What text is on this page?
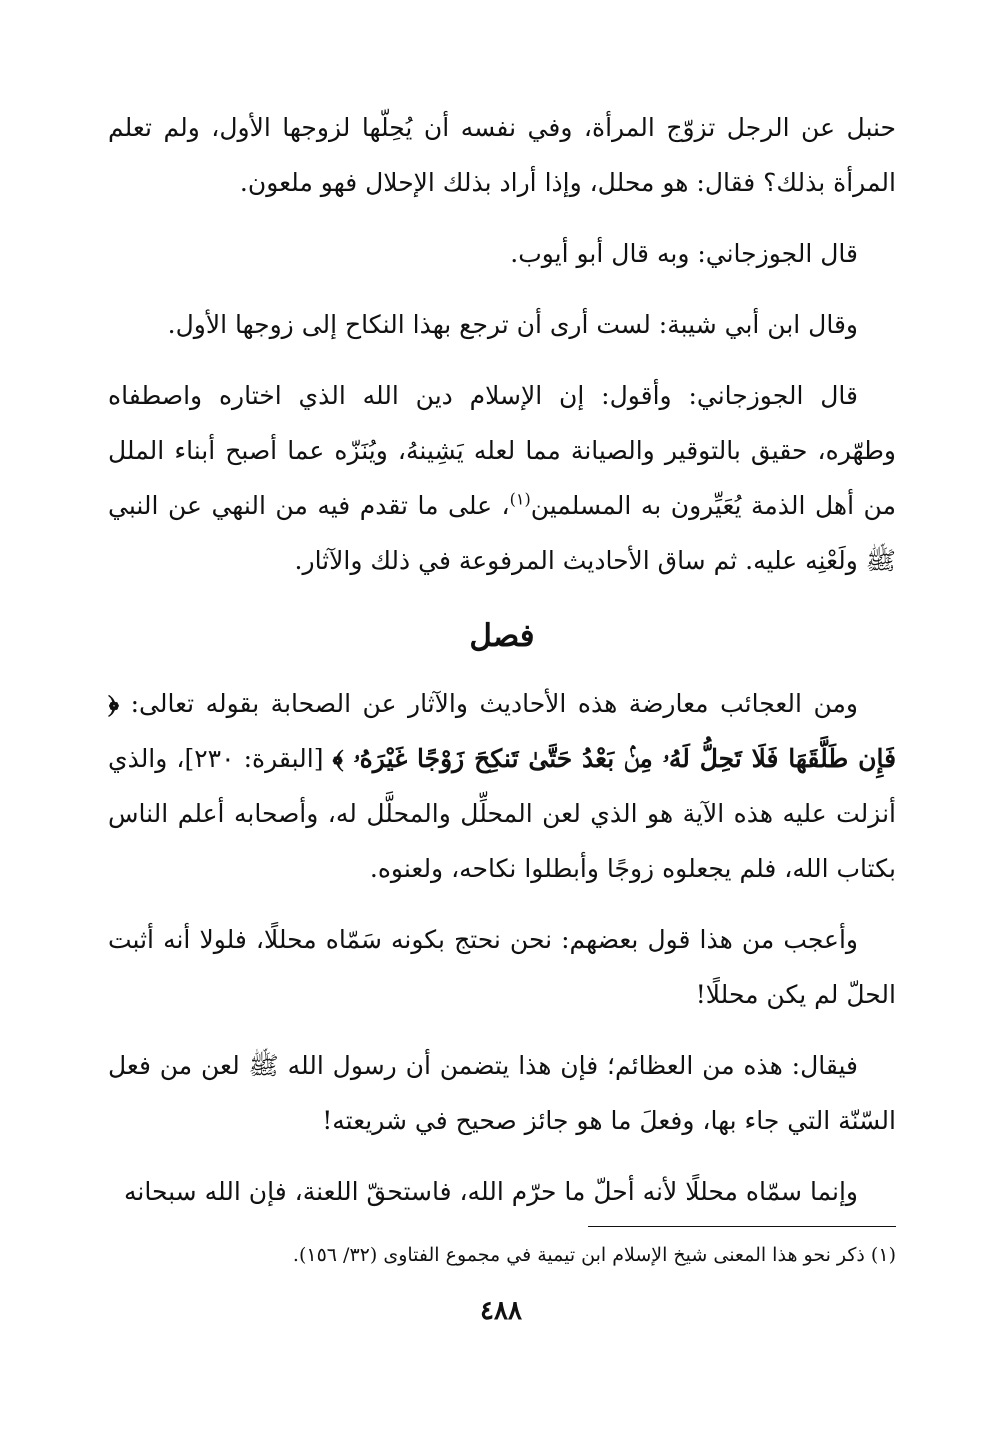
حنبل عن الرجل تزوّج المرأة، وفي نفسه أن يُحِلّها لزوجها الأول، ولم تعلم المرأة بذلك؟ فقال: هو محلل، وإذا أراد بذلك الإحلال فهو ملعون.

قال الجوزجاني: وبه قال أبو أيوب.

وقال ابن أبي شيبة: لست أرى أن ترجع بهذا النكاح إلى زوجها الأول.

قال الجوزجاني: وأقول: إن الإسلام دين الله الذي اختاره واصطفاه وطهّره، حقيق بالتوقير والصيانة مما لعله يَشِينهُ، ويُنَزّه عما أصبح أبناء الملل من أهل الذمة يُعَيِّرون به المسلمين$^{(١)}$، على ما تقدم فيه من النهي عن النبي ﷺ ولَعْنِه عليه. ثم ساق الأحاديث المرفوعة في ذلك والآثار.

فصل

ومن العجائب معارضة هذه الأحاديث والآثار عن الصحابة بقوله تعالى: ﴿ فَإِن طَلَّقَهَا فَلَا تَحِلُّ لَهُۥ مِنۢ بَعْدُ حَتَّىٰ تَنكِحَ زَوْجًا غَيْرَهُۥ ﴾ [البقرة: ٢٣٠]، والذي أنزلت عليه هذه الآية هو الذي لعن المحلِّل والمحلَّل له، وأصحابه أعلم الناس بكتاب الله، فلم يجعلوه زوجًا وأبطلوا نكاحه، ولعنوه.

وأعجب من هذا قول بعضهم: نحن نحتج بكونه سَمّاه محللًا، فلولا أنه أثبت الحلّ لم يكن محللًا!

فيقال: هذه من العظائم؛ فإن هذا يتضمن أن رسول الله ﷺ لعن من فعل السّنّة التي جاء بها، وفعلَ ما هو جائز صحيح في شريعته!

وإنما سمّاه محللًا لأنه أحلّ ما حرّم الله، فاستحقّ اللعنة، فإن الله سبحانه

(١) ذكر نحو هذا المعنى شيخ الإسلام ابن تيمية في مجموع الفتاوى (٣٢/ ١٥٦).
٤٨٨
